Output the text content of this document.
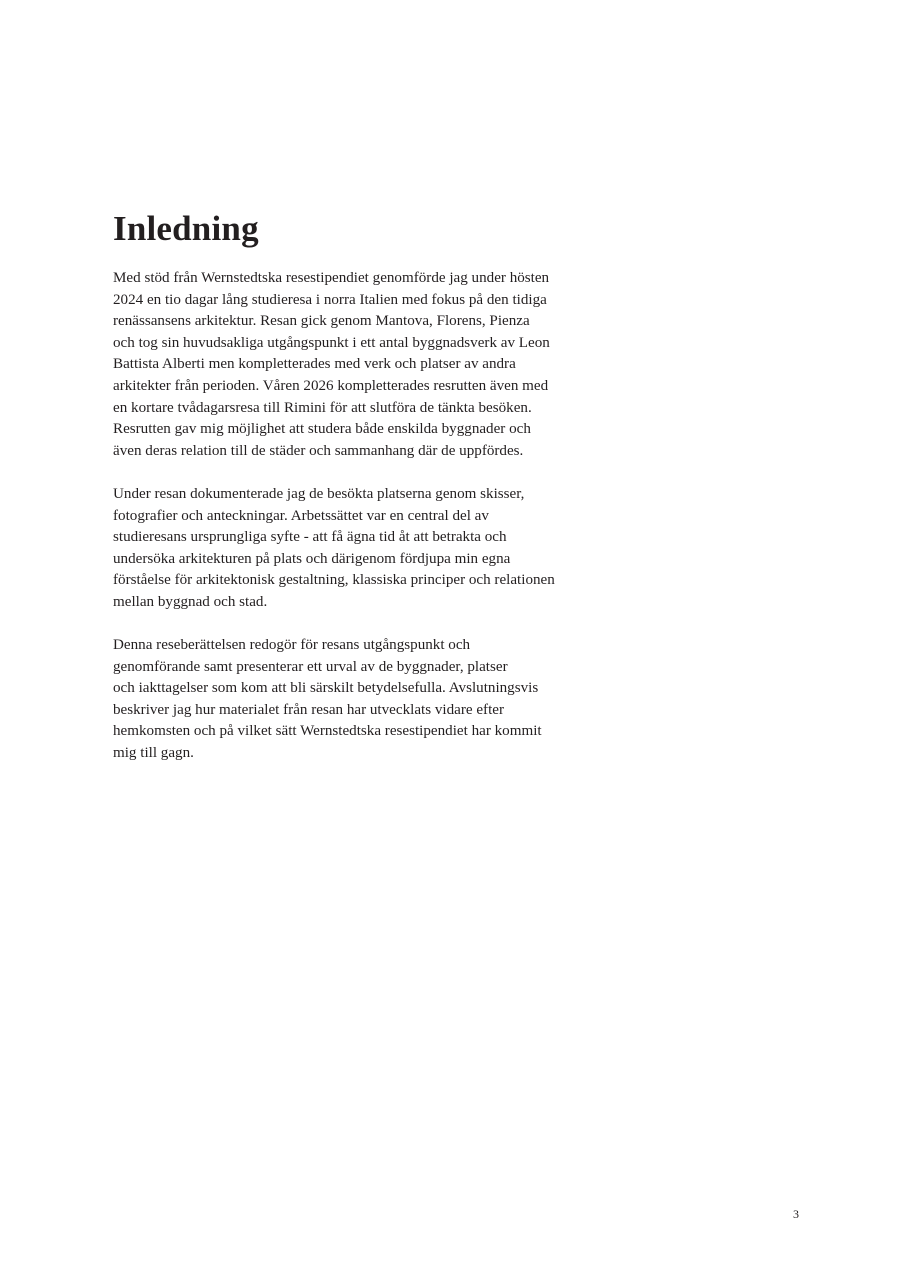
Inledning

Med stöd från Wernstedtska resestipendiet genomförde jag under hösten
2024 en tio dagar lång studieresa i norra Italien med fokus på den tidiga
renässansens arkitektur. Resan gick genom Mantova, Florens, Pienza
och tog sin huvudsakliga utgångspunkt i ett antal byggnadsverk av Leon
Battista Alberti men kompletterades med verk och platser av andra
arkitekter från perioden. Våren 2026 kompletterades resrutten även med
en kortare tvådagarsresa till Rimini för att slutföra de tänkta besöken.
Resrutten gav mig möjlighet att studera både enskilda byggnader och
även deras relation till de städer och sammanhang där de uppfördes.

Under resan dokumenterade jag de besökta platserna genom skisser,
fotografier och anteckningar. Arbetssättet var en central del av
studieresans ursprungliga syfte - att få ägna tid åt att betrakta och
undersöka arkitekturen på plats och därigenom fördjupa min egna
förståelse för arkitektonisk gestaltning, klassiska principer och relationen
mellan byggnad och stad.

Denna reseberättelsen redogör för resans utgångspunkt och
genomförande samt presenterar ett urval av de byggnader, platser
och iakttagelser som kom att bli särskilt betydelsefulla. Avslutningsvis
beskriver jag hur materialet från resan har utvecklats vidare efter
hemkomsten och på vilket sätt Wernstedtska resestipendiet har kommit
mig till gagn.

3
